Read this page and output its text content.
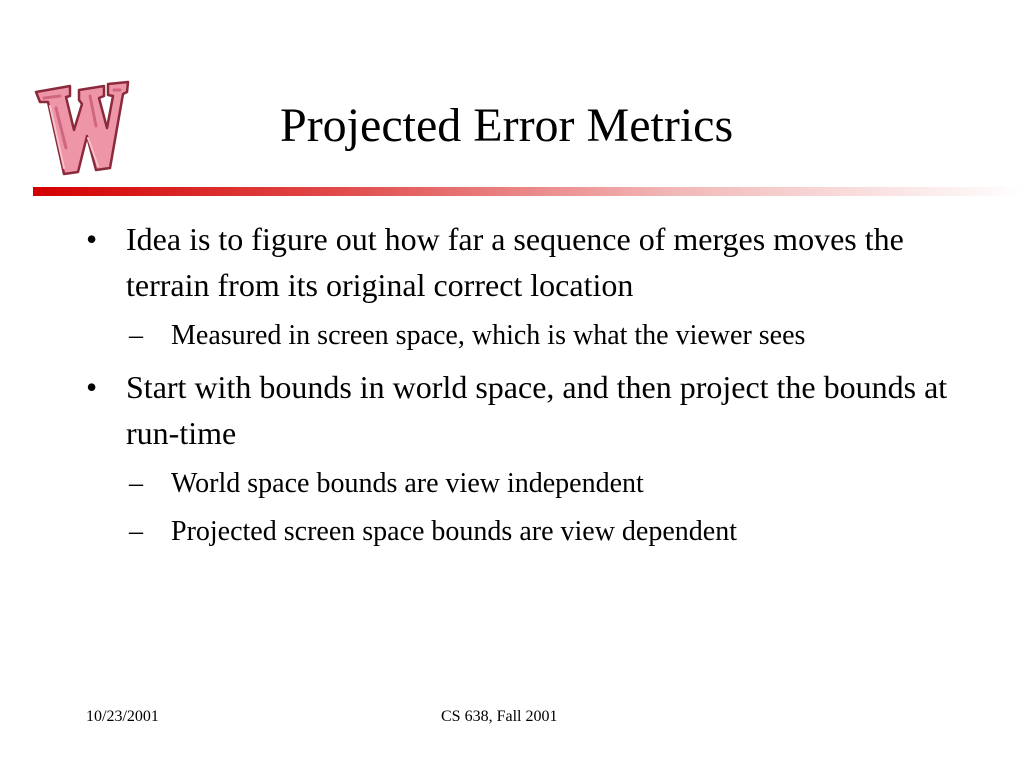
Projected Error Metrics
• Idea is to figure out how far a sequence of merges moves the terrain from its original correct location
– Measured in screen space, which is what the viewer sees
• Start with bounds in world space, and then project the bounds at run-time
– World space bounds are view independent
– Projected screen space bounds are view dependent
10/23/2001	CS 638, Fall 2001
